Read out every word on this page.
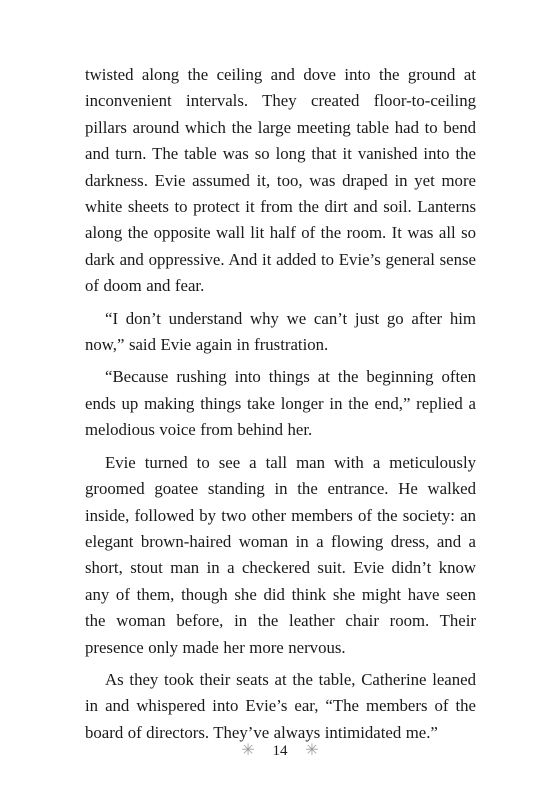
twisted along the ceiling and dove into the ground at inconvenient intervals. They created floor-to-ceiling pillars around which the large meeting table had to bend and turn. The table was so long that it vanished into the darkness. Evie assumed it, too, was draped in yet more white sheets to protect it from the dirt and soil. Lanterns along the opposite wall lit half of the room. It was all so dark and oppressive. And it added to Evie’s general sense of doom and fear.

“I don’t understand why we can’t just go after him now,” said Evie again in frustration.

“Because rushing into things at the beginning often ends up making things take longer in the end,” replied a melodious voice from behind her.

Evie turned to see a tall man with a meticulously groomed goatee standing in the entrance. He walked inside, followed by two other members of the society: an elegant brown-haired woman in a flowing dress, and a short, stout man in a checkered suit. Evie didn’t know any of them, though she did think she might have seen the woman before, in the leather chair room. Their presence only made her more nervous.

As they took their seats at the table, Catherine leaned in and whispered into Evie’s ear, “The members of the board of directors. They’ve always intimidated me.”

✳ 14 ✳
